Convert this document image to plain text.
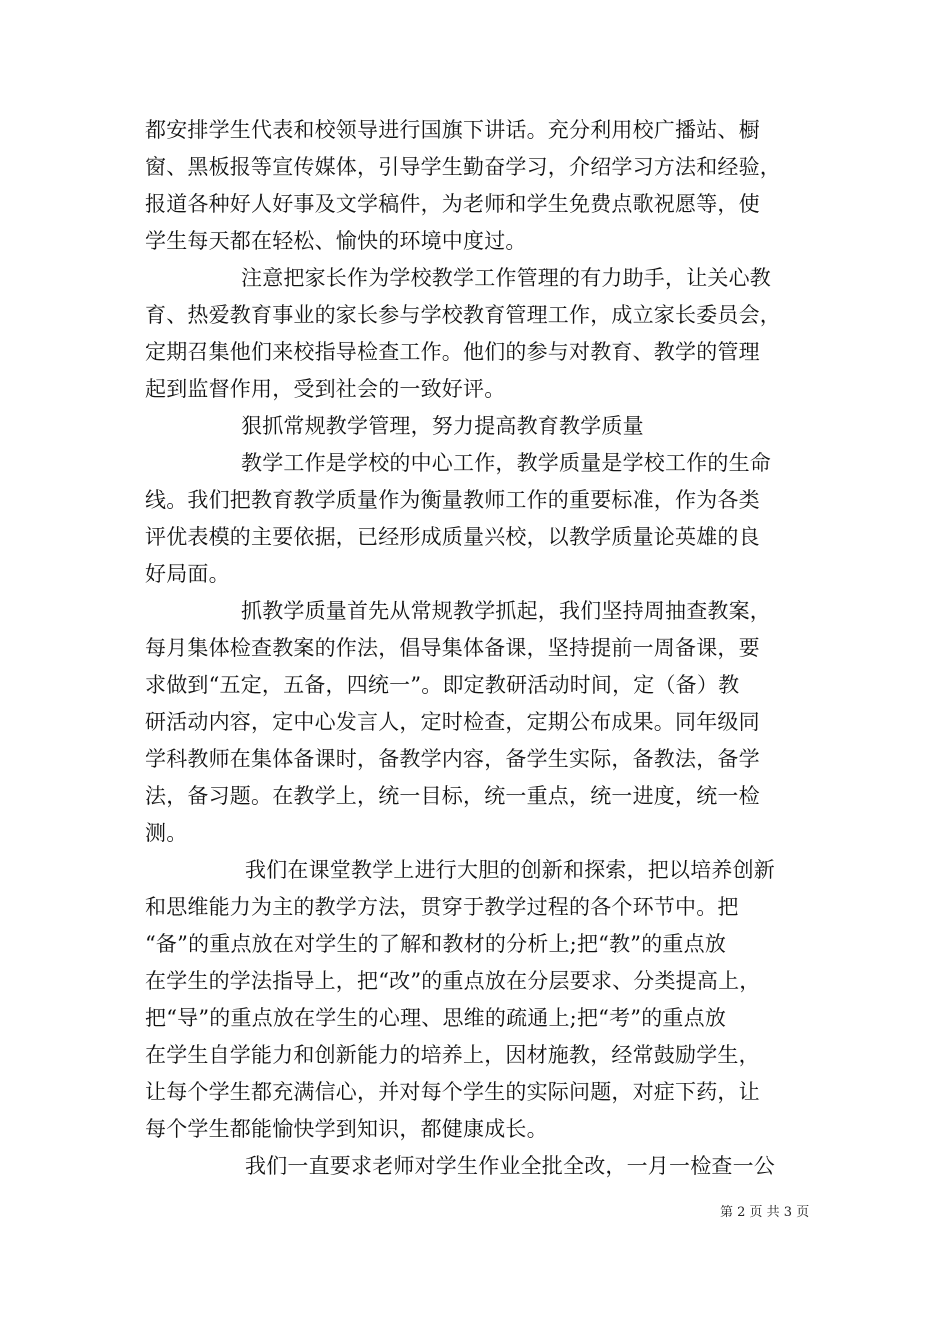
都安排学生代表和校领导进行国旗下讲话。充分利用校广播站、橱
窗、黑板报等宣传媒体，引导学生勤奋学习，介绍学习方法和经验，
报道各种好人好事及文学稿件，为老师和学生免费点歌祝愿等，使
学生每天都在轻松、愉快的环境中度过。
注意把家长作为学校教学工作管理的有力助手，让关心教
育、热爱教育事业的家长参与学校教育管理工作，成立家长委员会，
定期召集他们来校指导检查工作。他们的参与对教育、教学的管理
起到监督作用，受到社会的一致好评。
狠抓常规教学管理，努力提高教育教学质量
教学工作是学校的中心工作，教学质量是学校工作的生命
线。我们把教育教学质量作为衡量教师工作的重要标准，作为各类
评优表模的主要依据，已经形成质量兴校，以教学质量论英雄的良
好局面。
抓教学质量首先从常规教学抓起，我们坚持周抽查教案，
每月集体检查教案的作法，倡导集体备课，坚持提前一周备课，要
求做到“五定，五备，四统一”。即定教研活动时间，定（备）教
研活动内容，定中心发言人，定时检查，定期公布成果。同年级同
学科教师在集体备课时，备教学内容，备学生实际，备教法，备学
法，备习题。在教学上，统一目标，统一重点，统一进度，统一检
测。
我们在课堂教学上进行大胆的创新和探索，把以培养创新
和思维能力为主的教学方法，贯穿于教学过程的各个环节中。把
“备”的重点放在对学生的了解和教材的分析上;把“教”的重点放
在学生的学法指导上，把“改”的重点放在分层要求、分类提高上，
把“导”的重点放在学生的心理、思维的疏通上;把“考”的重点放
在学生自学能力和创新能力的培养上，因材施教，经常鼓励学生，
让每个学生都充满信心，并对每个学生的实际问题，对症下药，让
每个学生都能愉快学到知识，都健康成长。
我们一直要求老师对学生作业全批全改，一月一检查一公
第 2 页 共 3 页
